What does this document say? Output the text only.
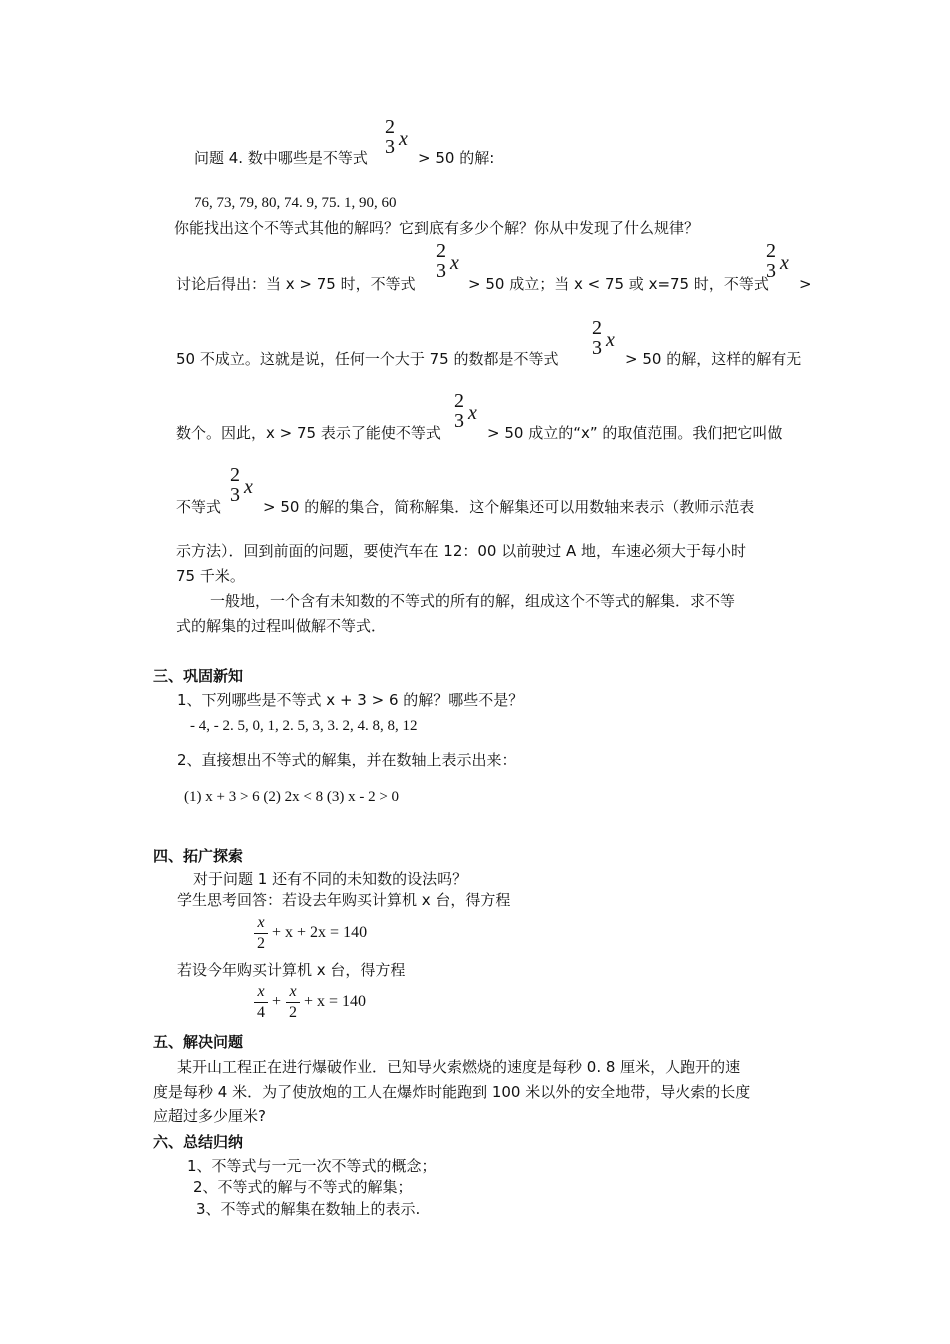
2
3 x
问题 4. 数中哪些是不等式	> 50 的解:
76, 73, 79, 80, 74. 9, 75. 1, 90, 60
你能找出这个不等式其他的解吗？它到底有多少个解？你从中发现了什么规律？
2
3 x
2
3 x
讨论后得出：当 x > 75 时，不等式	> 50 成立；当 x < 75 或 x=75 时，不等式 >
2
3 x
50 不成立。这就是说，任何一个大于 75 的数都是不等式	> 50 的解，这样的解有无
2
3 x
数个。因此，x > 75 表示了能使不等式	> 50 成立的“x” 的取值范围。我们把它叫做
2
3 x
不等式	> 50 的解的集合，简称解集．这个解集还可以用数轴来表示（教师示范表
示方法）．回到前面的问题，要使汽车在 12：00 以前驶过 A 地，车速必须大于每小时
75 千米。
一般地，一个含有未知数的不等式的所有的解，组成这个不等式的解集．求不等
式的解集的过程叫做解不等式．
三、巩固新知
1、下列哪些是不等式 x + 3 > 6 的解？哪些不是？
- 4, - 2. 5, 0, 1, 2. 5, 3, 3. 2, 4. 8, 8, 12
2、直接想出不等式的解集，并在数轴上表示出来：
(1) x + 3 > 6 (2) 2x < 8 (3) x - 2 > 0
四、拓广探索
对于问题 1 还有不同的未知数的设法吗？
学生思考回答：若设去年购买计算机 x 台，得方程
x
2
+ x + 2x = 140
若设今年购买计算机 x 台，得方程
x
4
+
x
2
+ x = 140
五、解决问题
某开山工程正在进行爆破作业．已知导火索燃烧的速度是每秒 0. 8 厘米，人跑开的速
度是每秒 4 米．为了使放炮的工人在爆炸时能跑到 100 米以外的安全地带，导火索的长度
应超过多少厘米?
六、总结归纳
1、不等式与一元一次不等式的概念；
2、不等式的解与不等式的解集；
3、不等式的解集在数轴上的表示.
